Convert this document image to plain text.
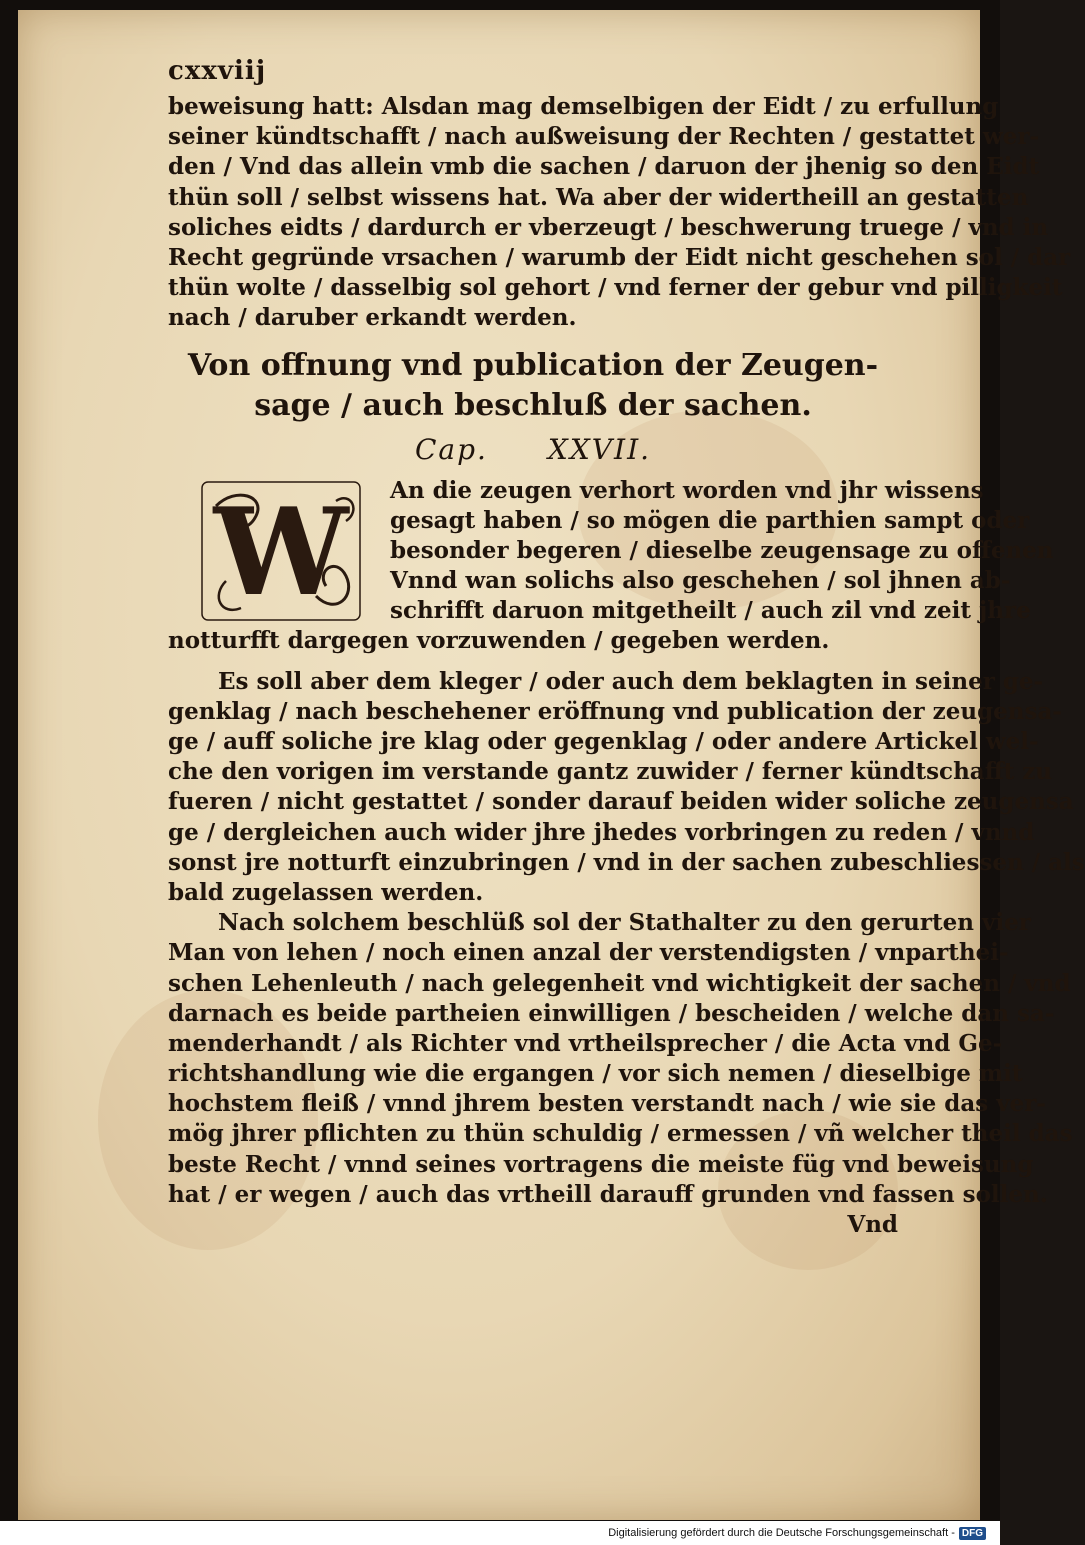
cxxviij
beweisung hatt: Alsdan mag demselbigen der Eidt / zu erfullung
seiner kündtschafft / nach außweisung der Rechten / gestattet wer-
den / Vnd das allein vmb die sachen / daruon der jhenig so den Eidt
thün soll / selbst wissens hat. Wa aber der widertheill an gestatten
soliches eidts / dardurch er vberzeugt / beschwerung truege / vnd in
Recht gegründe vrsachen / warumb der Eidt nicht geschehen sol / dar
thün wolte / dasselbig sol gehort / vnd ferner der gebur vnd pilligkeit
nach / daruber erkandt werden.
Von offnung vnd publication der Zeugen-
sage / auch beschluß der sachen.
Cap. XXVII.
W An die zeugen verhort worden vnd jhr wissens
gesagt haben / so mögen die parthien sampt oder
besonder begeren / dieselbe zeugensage zu offenen
Vnnd wan solichs also geschehen / sol jhnen ab-
schrifft daruon mitgetheilt / auch zil vnd zeit jhre
notturfft dargegen vorzuwenden / gegeben werden.
Es soll aber dem kleger / oder auch dem beklagten in seiner ge-
genklag / nach beschehener eröffnung vnd publication der zeugensa-
ge / auff soliche jre klag oder gegenklag / oder andere Artickel wel-
che den vorigen im verstande gantz zuwider / ferner kündtschafft zu
fueren / nicht gestattet / sonder darauf beiden wider soliche zeugensa
ge / dergleichen auch wider jhre jhedes vorbringen zu reden / vnnd
sonst jre notturft einzubringen / vnd in der sachen zubeschliessen / als
bald zugelassen werden.
Nach solchem beschlüß sol der Stathalter zu den gerurten vier
Man von lehen / noch einen anzal der verstendigsten / vnparthei-
schen Lehenleuth / nach gelegenheit vnd wichtigkeit der sachen / vnd
darnach es beide partheien einwilligen / bescheiden / welche dan sa-
menderhandt / als Richter vnd vrtheilsprecher / die Acta vnd Ge-
richtshandlung wie die ergangen / vor sich nemen / dieselbige mit
hochstem fleiß / vnnd jhrem besten verstandt nach / wie sie das ver-
mög jhrer pflichten zu thün schuldig / ermessen / vñ welcher theil das
beste Recht / vnnd seines vortragens die meiste füg vnd beweisung
hat / er wegen / auch das vrtheill darauff grunden vnd fassen sollen.
Vnd
Digitalisierung gefördert durch die Deutsche Forschungsgemeinschaft - DFG
